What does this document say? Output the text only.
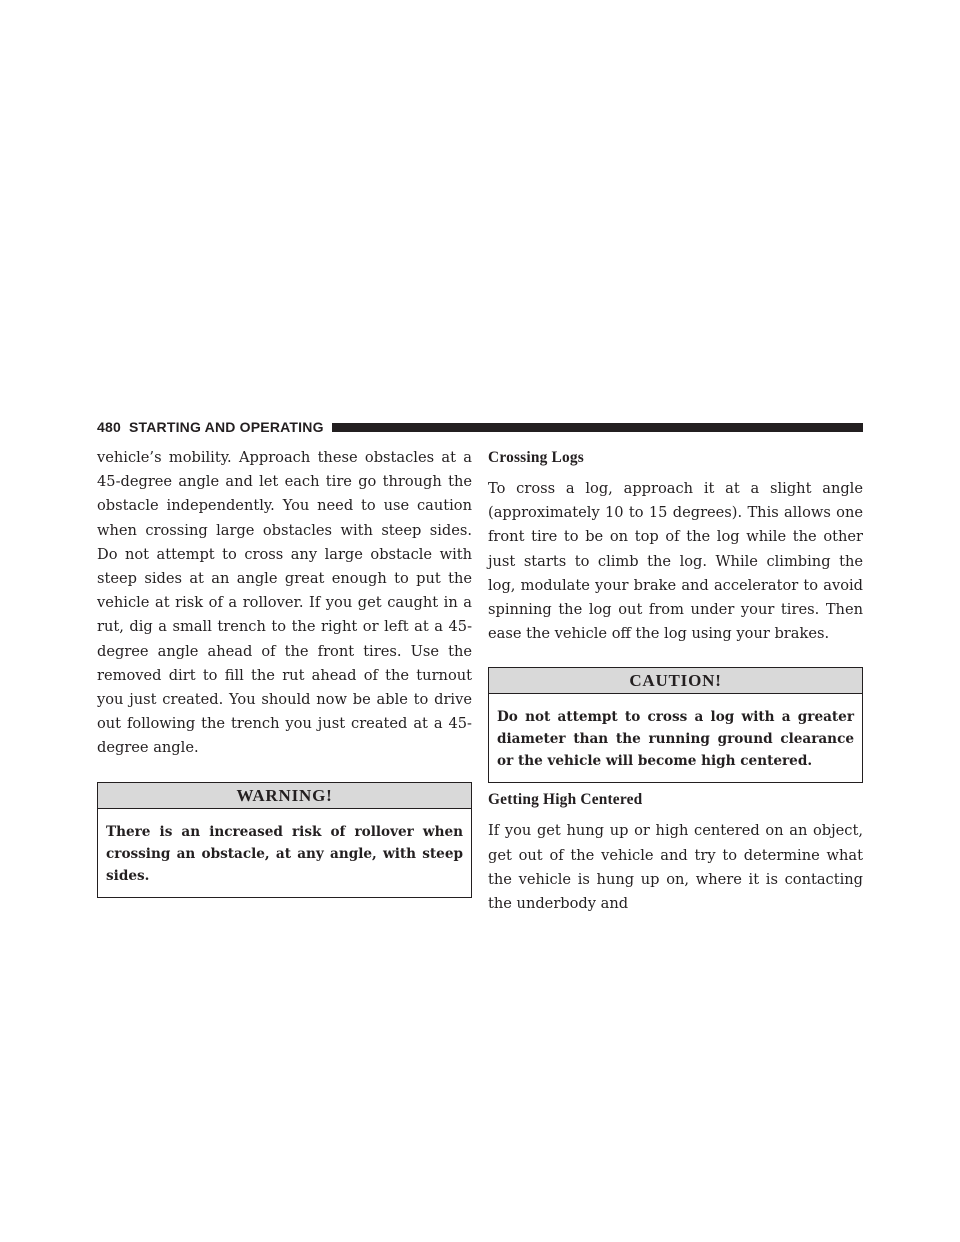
480 STARTING AND OPERATING

vehicle’s mobility. Approach these obstacles at a 45-degree angle and let each tire go through the obstacle independently. You need to use caution when crossing large obstacles with steep sides. Do not attempt to cross any large obstacle with steep sides at an angle great enough to put the vehicle at risk of a rollover. If you get caught in a rut, dig a small trench to the right or left at a 45-degree angle ahead of the front tires. Use the removed dirt to fill the rut ahead of the turnout you just created. You should now be able to drive out following the trench you just created at a 45-degree angle.

WARNING!

There is an increased risk of rollover when crossing an obstacle, at any angle, with steep sides.

Crossing Logs

To cross a log, approach it at a slight angle (approximately 10 to 15 degrees). This allows one front tire to be on top of the log while the other just starts to climb the log. While climbing the log, modulate your brake and accelerator to avoid spinning the log out from under your tires. Then ease the vehicle off the log using your brakes.

CAUTION!

Do not attempt to cross a log with a greater diameter than the running ground clearance or the vehicle will become high centered.

Getting High Centered

If you get hung up or high centered on an object, get out of the vehicle and try to determine what the vehicle is hung up on, where it is contacting the underbody and
